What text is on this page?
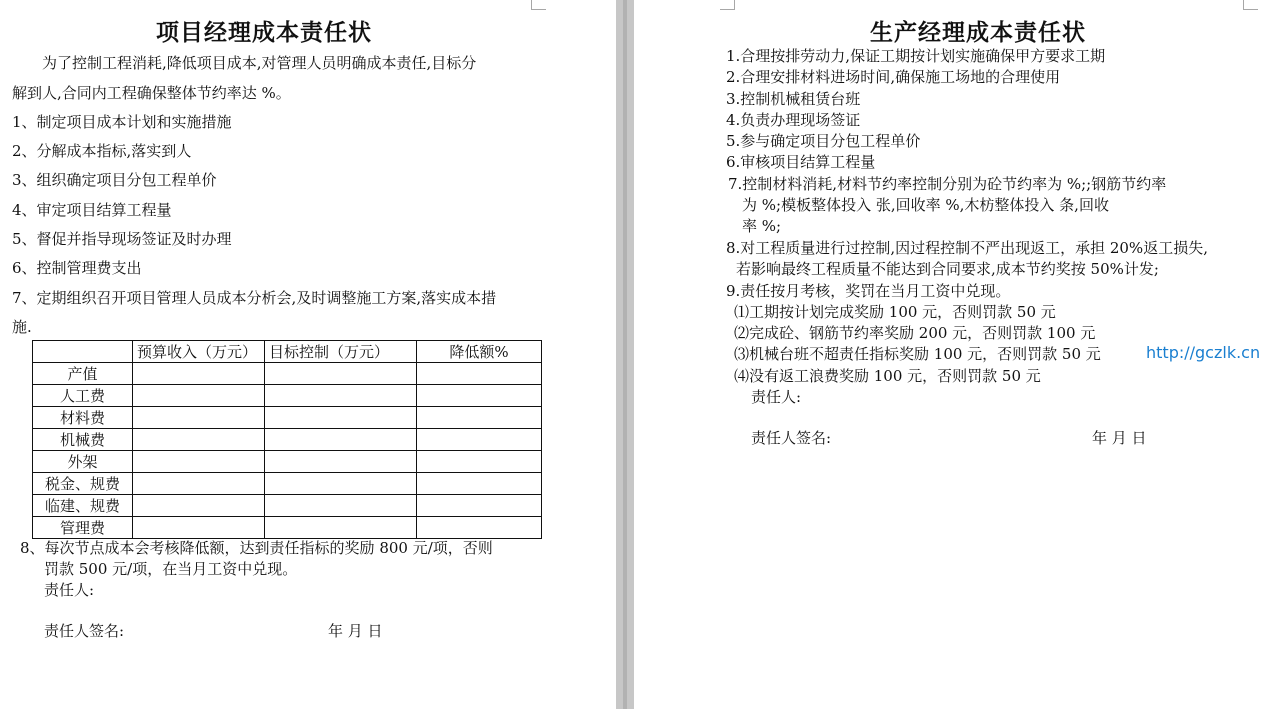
项目经理成本责任状
为了控制工程消耗,降低项目成本,对管理人员明确成本责任,目标分
解到人,合同内工程确保整体节约率达 %。
1、制定项目成本计划和实施措施
2、分解成本指标,落实到人
3、组织确定项目分包工程单价
4、审定项目结算工程量
5、督促并指导现场签证及时办理
6、控制管理费支出
7、定期组织召开项目管理人员成本分析会,及时调整施工方案,落实成本措
施.
	预算收入（万元）	目标控制（万元）	降低额%
产值			
人工费			
材料费			
机械费			
外架			
税金、规费			
临建、规费			
管理费			
8、每次节点成本会考核降低额，达到责任指标的奖励 800 元/项，否则
罚款 500 元/项，在当月工资中兑现。
责任人:
责任人签名:	年 月 日
生产经理成本责任状
1.合理按排劳动力,保证工期按计划实施确保甲方要求工期
2.合理安排材料进场时间,确保施工场地的合理使用
3.控制机械租赁台班
4.负责办理现场签证
5.参与确定项目分包工程单价
6.审核项目结算工程量
7.控制材料消耗,材料节约率控制分别为砼节约率为 %;;钢筋节约率
为 %;模板整体投入 张,回收率 %,木枋整体投入 条,回收
率 %;
8.对工程质量进行过控制,因过程控制不严出现返工，承担 20%返工损失,
若影响最终工程质量不能达到合同要求,成本节约奖按 50%计发;
9.责任按月考核，奖罚在当月工资中兑现。
⑴工期按计划完成奖励 100 元，否则罚款 50 元
⑵完成砼、钢筋节约率奖励 200 元，否则罚款 100 元
⑶机械台班不超责任指标奖励 100 元，否则罚款 50 元
⑷没有返工浪费奖励 100 元，否则罚款 50 元
http://gczlk.cn
责任人:
责任人签名:	年 月 日
